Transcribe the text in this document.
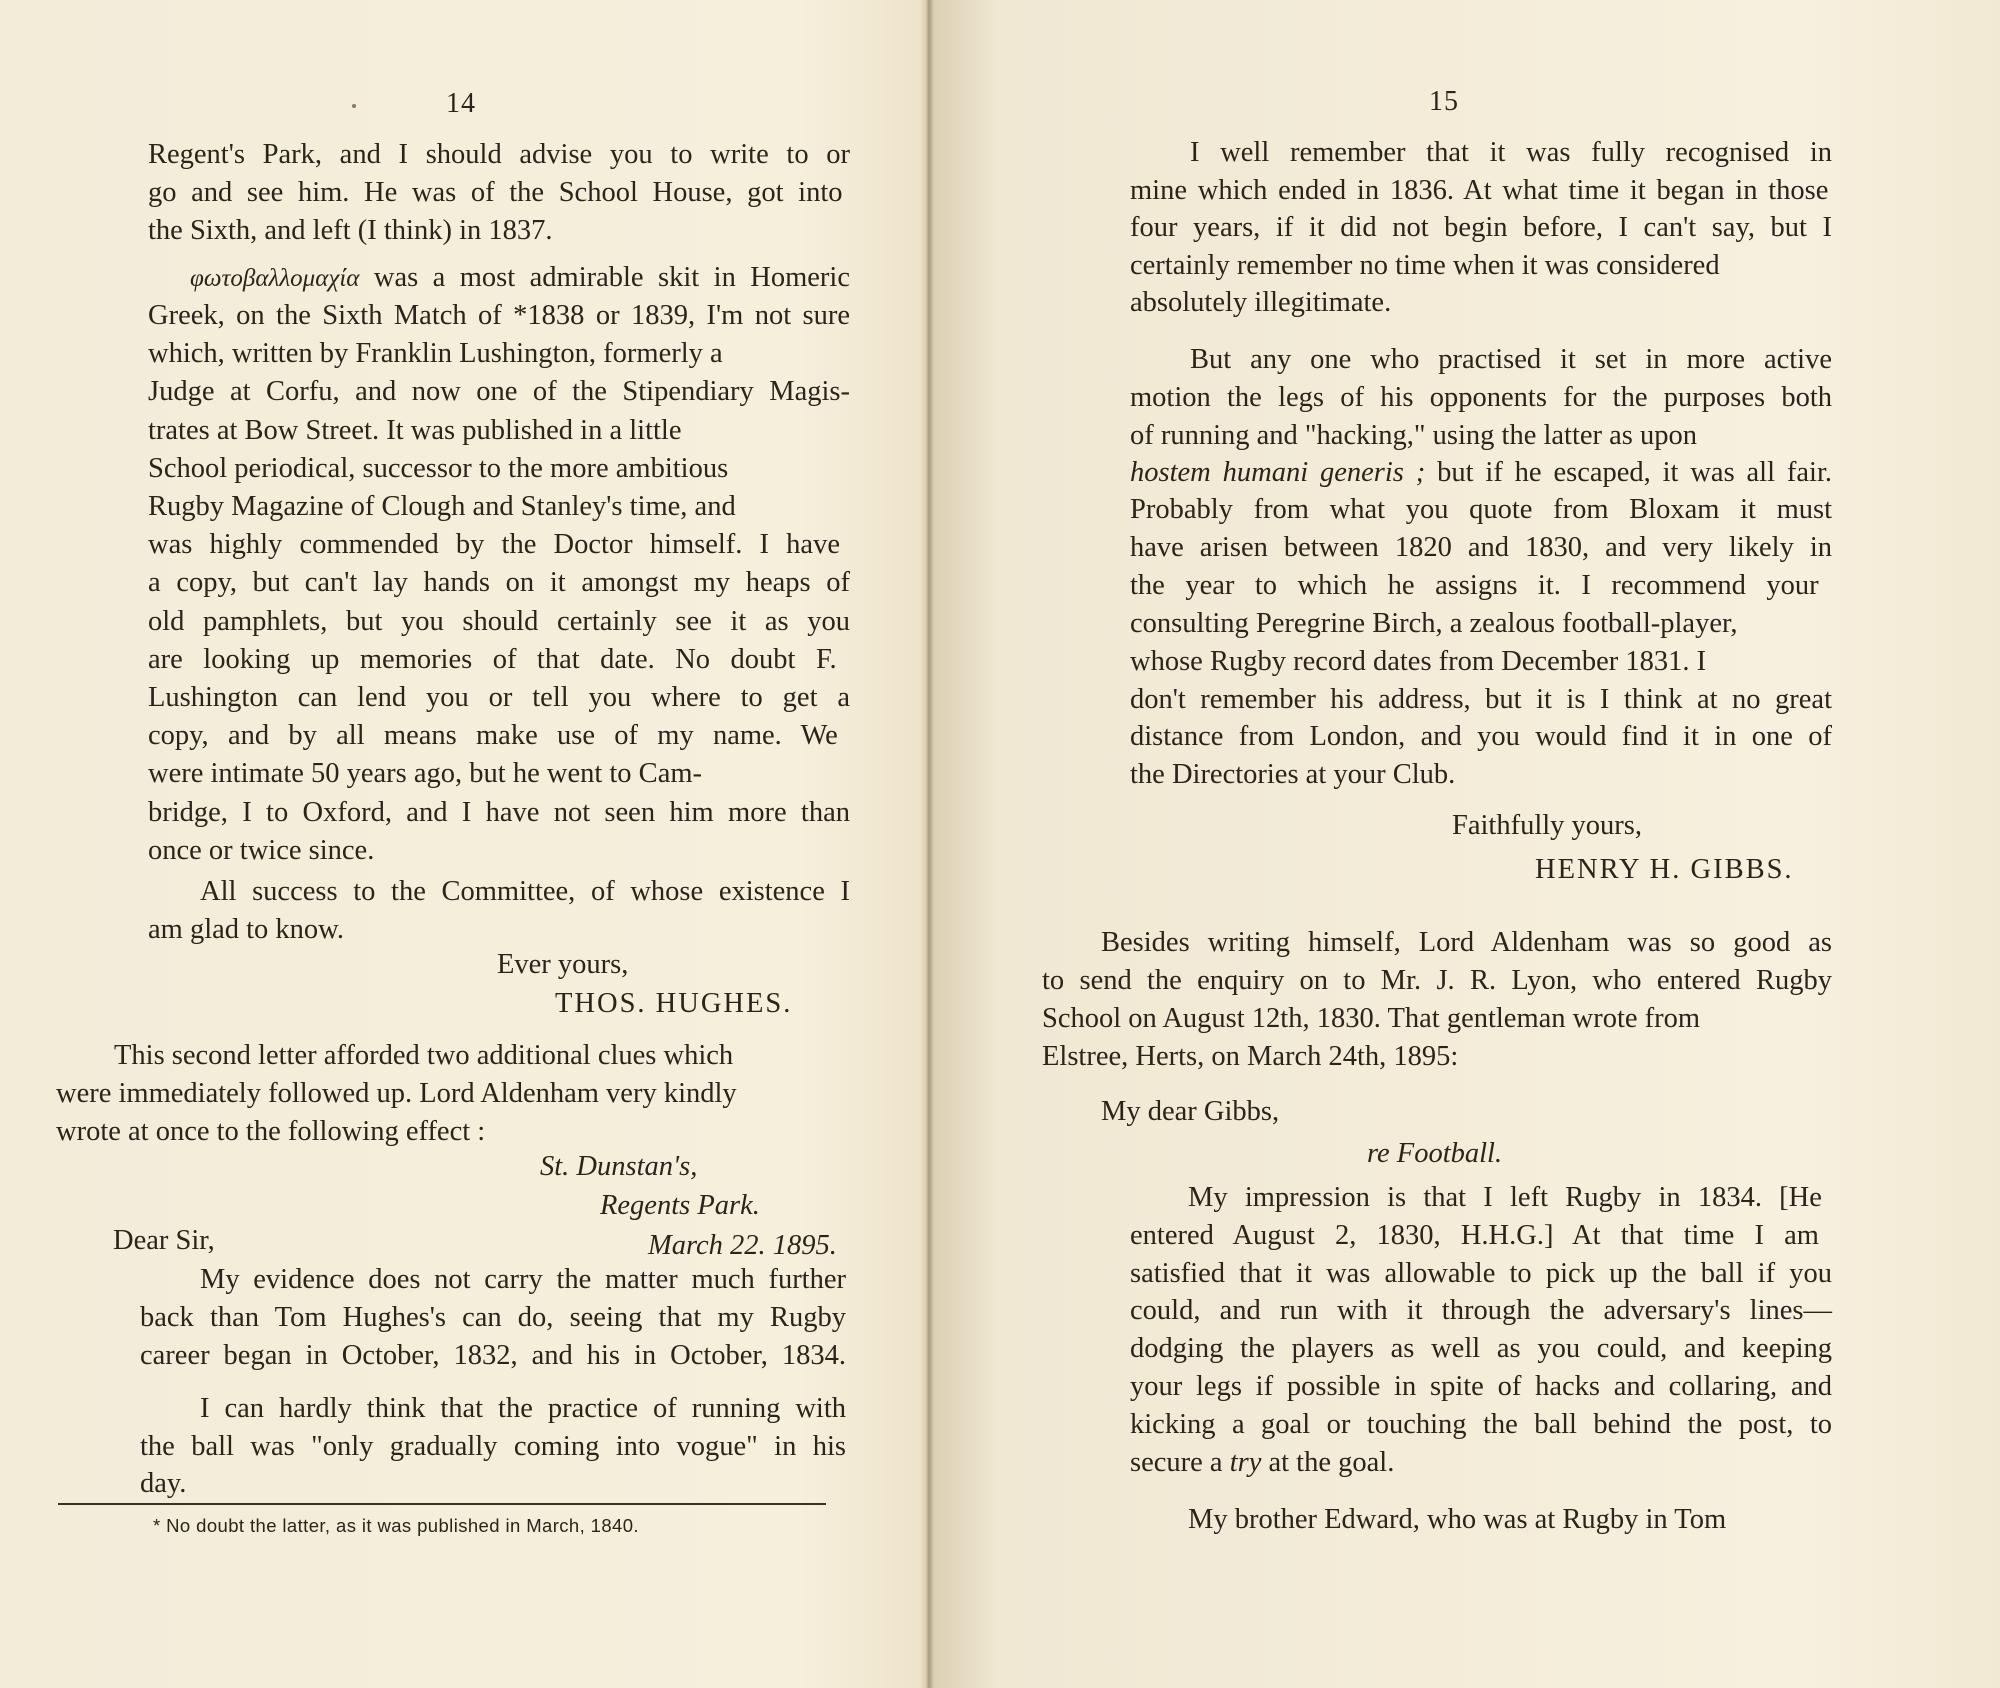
14
Regent's Park, and I should advise you to write to or
go and see him. He was of the School House, got into
the Sixth, and left (I think) in 1837.
φωτοβαλλομαχία was a most admirable skit in Homeric
Greek, on the Sixth Match of *1838 or 1839, I'm not sure
which, written by Franklin Lushington, formerly a
Judge at Corfu, and now one of the Stipendiary Magis-
trates at Bow Street. It was published in a little
School periodical, successor to the more ambitious
Rugby Magazine of Clough and Stanley's time, and
was highly commended by the Doctor himself. I have
a copy, but can't lay hands on it amongst my heaps of
old pamphlets, but you should certainly see it as you
are looking up memories of that date. No doubt F.
Lushington can lend you or tell you where to get a
copy, and by all means make use of my name. We
were intimate 50 years ago, but he went to Cam-
bridge, I to Oxford, and I have not seen him more than
once or twice since.
All success to the Committee, of whose existence I
am glad to know.
Ever yours,
THOS. HUGHES.
This second letter afforded two additional clues which
were immediately followed up. Lord Aldenham very kindly
wrote at once to the following effect :
St. Dunstan's,
Regents Park.
Dear Sir,	March 22. 1895.
My evidence does not carry the matter much further
back than Tom Hughes's can do, seeing that my Rugby
career began in October, 1832, and his in October, 1834.
I can hardly think that the practice of running with
the ball was "only gradually coming into vogue" in his
day.
* No doubt the latter, as it was published in March, 1840.
15
I well remember that it was fully recognised in
mine which ended in 1836. At what time it began in those
four years, if it did not begin before, I can't say, but I
certainly remember no time when it was considered
absolutely illegitimate.
But any one who practised it set in more active
motion the legs of his opponents for the purposes both
of running and "hacking," using the latter as upon
hostem humani generis ; but if he escaped, it was all fair.
Probably from what you quote from Bloxam it must
have arisen between 1820 and 1830, and very likely in
the year to which he assigns it. I recommend your
consulting Peregrine Birch, a zealous football-player,
whose Rugby record dates from December 1831. I
don't remember his address, but it is I think at no great
distance from London, and you would find it in one of
the Directories at your Club.
Faithfully yours,
HENRY H. GIBBS.
Besides writing himself, Lord Aldenham was so good as
to send the enquiry on to Mr. J. R. Lyon, who entered Rugby
School on August 12th, 1830. That gentleman wrote from
Elstree, Herts, on March 24th, 1895:
My dear Gibbs,
re Football.
My impression is that I left Rugby in 1834. [He
entered August 2, 1830, H.H.G.] At that time I am
satisfied that it was allowable to pick up the ball if you
could, and run with it through the adversary's lines—
dodging the players as well as you could, and keeping
your legs if possible in spite of hacks and collaring, and
kicking a goal or touching the ball behind the post, to
secure a try at the goal.
My brother Edward, who was at Rugby in Tom
